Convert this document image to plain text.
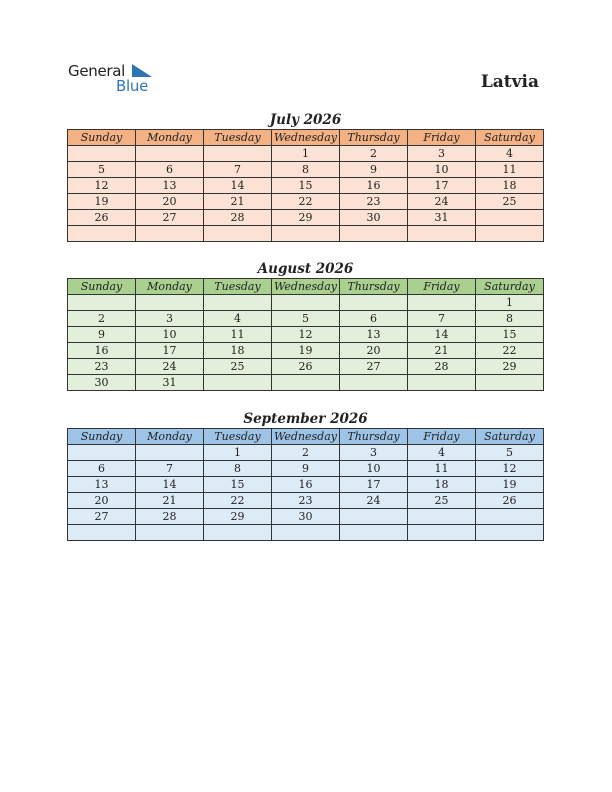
General
Blue	Latvia
July 2026
Sunday	Monday	Tuesday	Wednesday	Thursday	Friday	Saturday
			1	2	3	4
5	6	7	8	9	10	11
12	13	14	15	16	17	18
19	20	21	22	23	24	25
26	27	28	29	30	31	

August 2026
Sunday	Monday	Tuesday	Wednesday	Thursday	Friday	Saturday
						1
2	3	4	5	6	7	8
9	10	11	12	13	14	15
16	17	18	19	20	21	22
23	24	25	26	27	28	29
30	31					
September 2026
Sunday	Monday	Tuesday	Wednesday	Thursday	Friday	Saturday
		1	2	3	4	5
6	7	8	9	10	11	12
13	14	15	16	17	18	19
20	21	22	23	24	25	26
27	28	29	30			
